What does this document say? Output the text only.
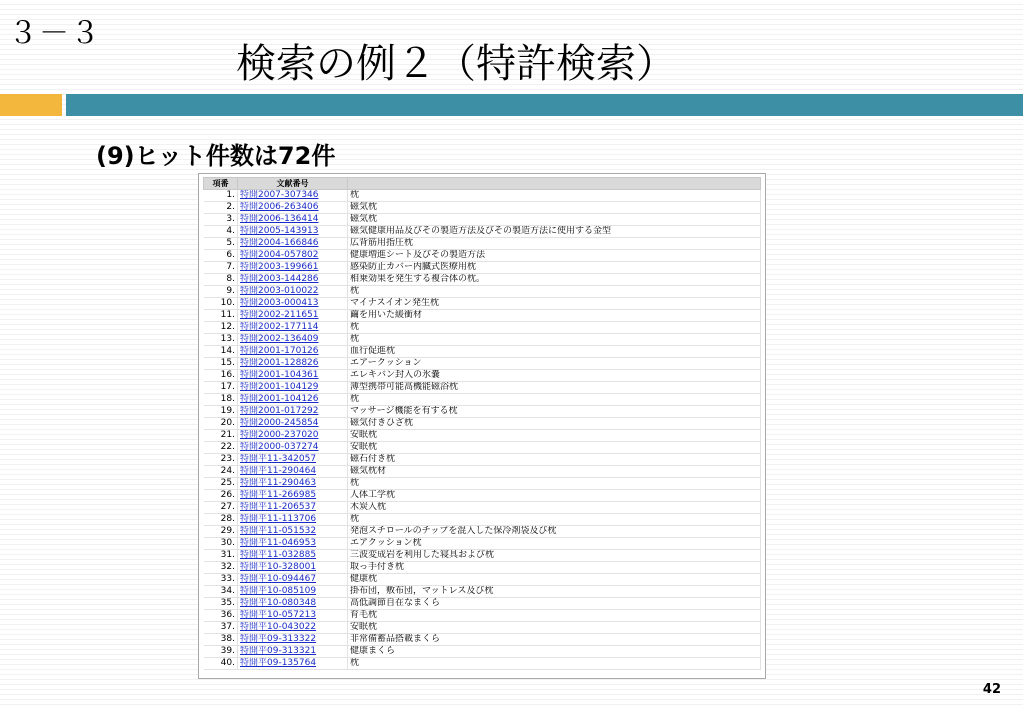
３－３
検索の例２（特許検索）
(9)ヒット件数は72件
項番	文献番号	
1.	特開2007-307346	枕
2.	特開2006-263406	磁気枕
3.	特開2006-136414	磁気枕
4.	特開2005-143913	磁気健康用品及びその製造方法及びその製造方法に使用する金型
5.	特開2004-166846	広背筋用指圧枕
6.	特開2004-057802	健康増進シート及びその製造方法
7.	特開2003-199661	感染防止カバー内臓式医療用枕
8.	特開2003-144286	相乗効果を発生する複合体の枕。
9.	特開2003-010022	枕
10.	特開2003-000413	マイナスイオン発生枕
11.	特開2002-211651	繭を用いた緩衝材
12.	特開2002-177114	枕
13.	特開2002-136409	枕
14.	特開2001-170126	血行促進枕
15.	特開2001-128826	エアークッション
16.	特開2001-104361	エレキバン封入の氷嚢
17.	特開2001-104129	薄型携帯可能高機能磁浴枕
18.	特開2001-104126	枕
19.	特開2001-017292	マッサージ機能を有する枕
20.	特開2000-245854	磁気付きひざ枕
21.	特開2000-237020	安眠枕
22.	特開2000-037274	安眠枕
23.	特開平11-342057	磁石付き枕
24.	特開平11-290464	磁気枕材
25.	特開平11-290463	枕
26.	特開平11-266985	人体工学枕
27.	特開平11-206537	木炭入枕
28.	特開平11-113706	枕
29.	特開平11-051532	発泡スチロールのチップを混入した保冷剤袋及び枕
30.	特開平11-046953	エアクッション枕
31.	特開平11-032885	三波変成岩を利用した寝具および枕
32.	特開平10-328001	取っ手付き枕
33.	特開平10-094467	健康枕
34.	特開平10-085109	掛布団，敷布団，マットレス及び枕
35.	特開平10-080348	高低調節自在なまくら
36.	特開平10-057213	育毛枕
37.	特開平10-043022	安眠枕
38.	特開平09-313322	非常備蓄品搭載まくら
39.	特開平09-313321	健康まくら
40.	特開平09-135764	枕
42
